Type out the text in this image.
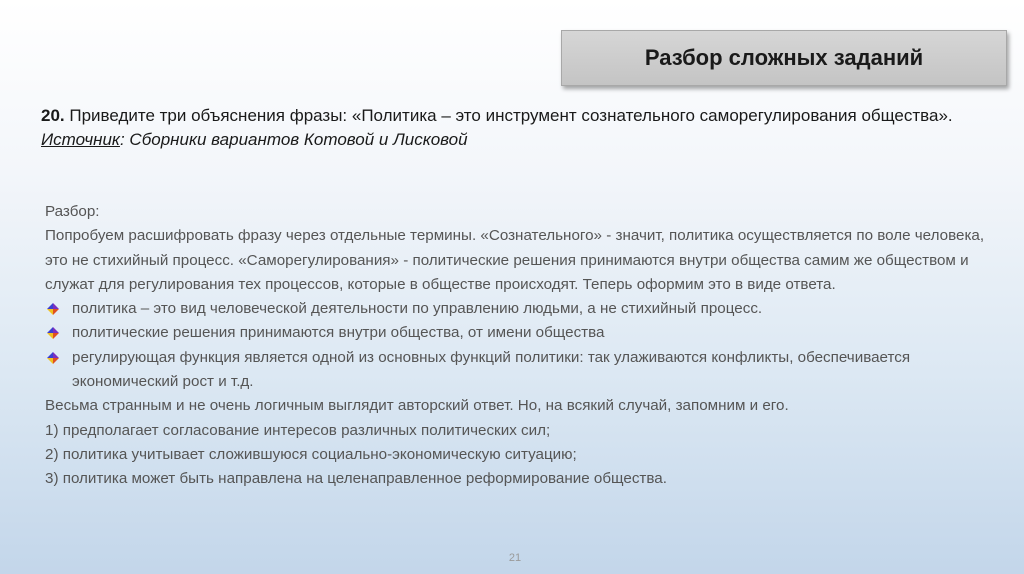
Разбор сложных заданий
20. Приведите три объяснения фразы: «Политика – это инструмент сознательного саморегулирования общества».
Источник: Сборники вариантов Котовой и Лисковой

Разбор:

Попробуем расшифровать фразу через отдельные термины. «Сознательного» - значит, политика осуществляется по воле человека, это не стихийный процесс. «Саморегулирования» - политические решения принимаются внутри общества самим же обществом и служат для регулирования тех процессов, которые в обществе происходят. Теперь оформим это в виде ответа.

политика – это вид человеческой деятельности по управлению людьми, а не стихийный процесс.
политические решения принимаются внутри общества, от имени общества
регулирующая функция является одной из основных функций политики: так улаживаются конфликты, обеспечивается экономический рост и т.д.

Весьма странным и не очень логичным выглядит авторский ответ. Но, на всякий случай, запомним и его.

1) предполагает согласование интересов различных политических сил;

2) политика учитывает сложившуюся социально-экономическую ситуацию;

3) политика может быть направлена на целенаправленное реформирование общества.

21
